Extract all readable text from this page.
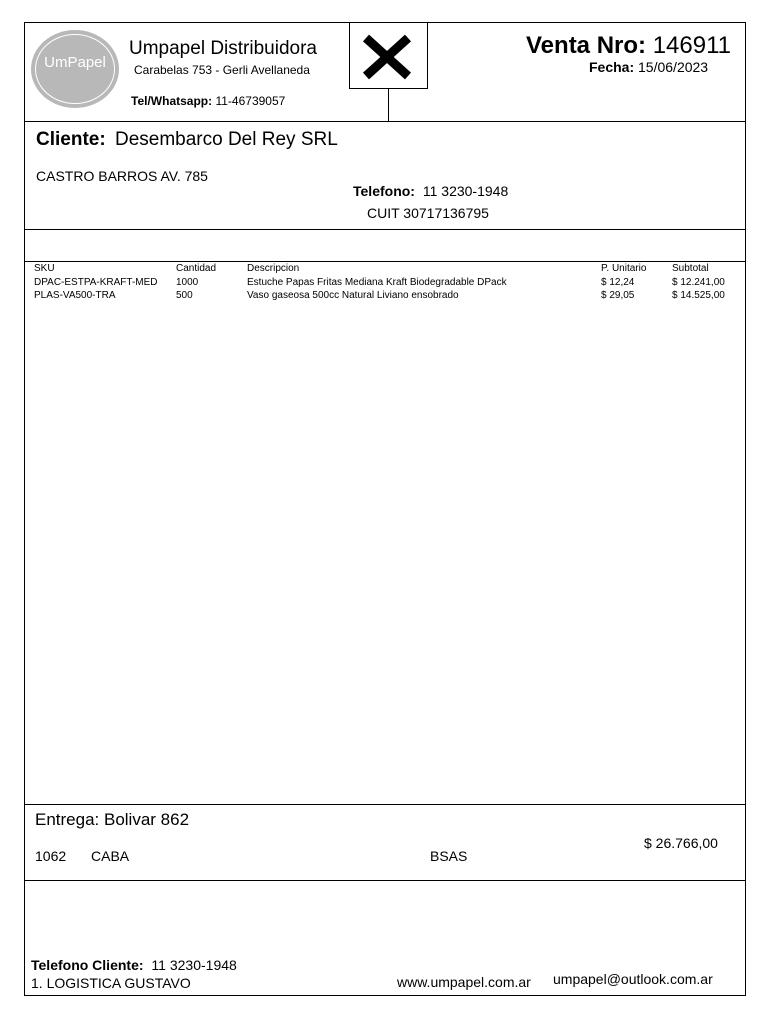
UmPapel
Umpapel Distribuidora
Carabelas 753 - Gerli Avellaneda
Tel/Whatsapp: 11-46739057
Venta Nro: 146911
Fecha: 15/06/2023
Cliente: Desembarco Del Rey SRL
CASTRO BARROS AV. 785
Telefono: 11 3230-1948
CUIT 30717136795
SKU	Cantidad	Descripcion	P. Unitario	Subtotal
DPAC-ESTPA-KRAFT-MED 1000	Estuche Papas Fritas Mediana Kraft Biodegradable DPack	$ 12,24	$ 12.241,00
PLAS-VA500-TRA	500	Vaso gaseosa 500cc Natural Liviano ensobrado	$ 29,05	$ 14.525,00
Entrega: Bolivar 862
1062 CABA	BSAS
$ 26.766,00
Telefono Cliente: 11 3230-1948
1. LOGISTICA GUSTAVO	www.umpapel.com.ar umpapel@outlook.com.ar
